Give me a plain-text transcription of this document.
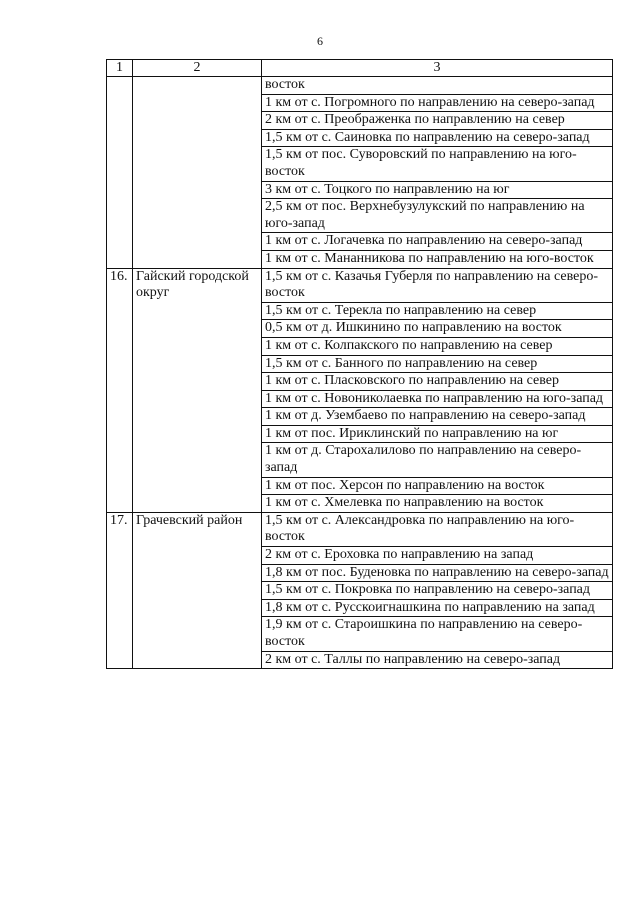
6
1	2	3
		восток
		1 км от с. Погромного по направлению на северо-запад
		2 км от с. Преображенка по направлению на север
		1,5 км от с. Саиновка по направлению на северо-запад
		1,5 км от пос. Суворовский по направлению на юго-восток
		3 км от с. Тоцкого по направлению на юг
		2,5 км от пос. Верхнебузулукский по направлению на юго-запад
		1 км от с. Логачевка по направлению на северо-запад
		1 км от с. Мананникова по направлению на юго-восток
16.	Гайский городской округ	1,5 км от с. Казачья Губерля по направлению на северо-восток
		1,5 км от с. Терекла по направлению на север
		0,5 км от д. Ишкинино по направлению на восток
		1 км от с. Колпакского по направлению на север
		1,5 км от с. Банного по направлению на север
		1 км от с. Пласковского по направлению на север
		1 км от с. Новониколаевка по направлению на юго-запад
		1 км от д. Узембаево по направлению на северо-запад
		1 км от пос. Ириклинский по направлению на юг
		1 км от д. Старохалилово по направлению на северо-запад
		1 км от пос. Херсон по направлению на восток
		1 км от с. Хмелевка по направлению на восток
17.	Грачевский район	1,5 км от с. Александровка по направлению на юго-восток
		2 км от с. Ероховка по направлению на запад
		1,8 км от пос. Буденовка по направлению на северо-запад
		1,5 км от с. Покровка по направлению на северо-запад
		1,8 км от с. Русскоигнашкина по направлению на запад
		1,9 км от с. Староишкина по направлению на северо-восток
		2 км от с. Таллы по направлению на северо-запад
